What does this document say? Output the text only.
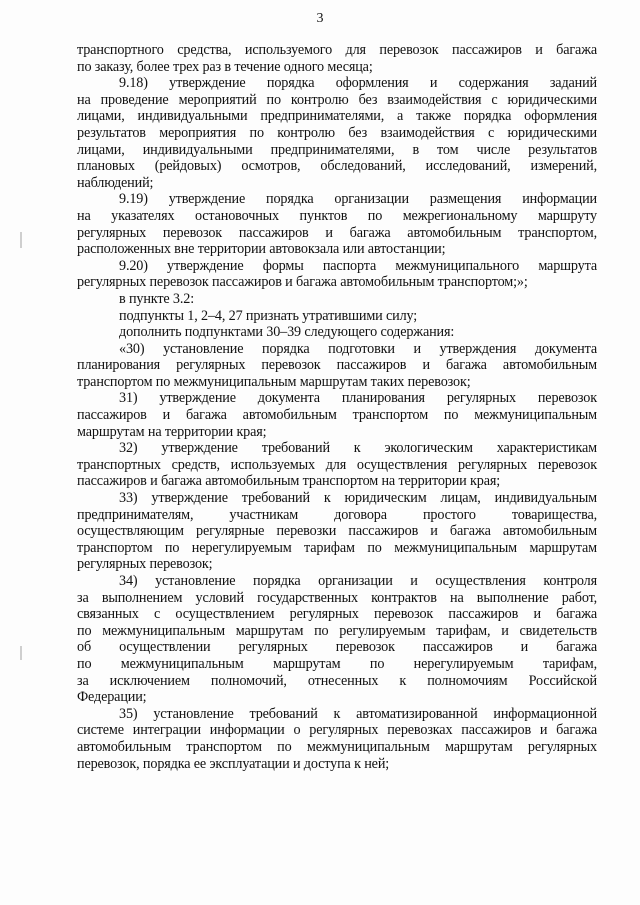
3
транспортного средства, используемого для перевозок пассажиров и багажа
по заказу, более трех раз в течение одного месяца;
9.18) утверждение порядка оформления и содержания заданий
на проведение мероприятий по контролю без взаимодействия с юридическими
лицами, индивидуальными предпринимателями, а также порядка оформления
результатов мероприятия по контролю без взаимодействия с юридическими
лицами, индивидуальными предпринимателями, в том числе результатов
плановых (рейдовых) осмотров, обследований, исследований, измерений,
наблюдений;
9.19) утверждение порядка организации размещения информации
на указателях остановочных пунктов по межрегиональному маршруту
регулярных перевозок пассажиров и багажа автомобильным транспортом,
расположенных вне территории автовокзала или автостанции;
9.20) утверждение формы паспорта межмуниципального маршрута
регулярных перевозок пассажиров и багажа автомобильным транспортом;»;
в пункте 3.2:
подпункты 1, 2–4, 27 признать утратившими силу;
дополнить подпунктами 30–39 следующего содержания:
«30) установление порядка подготовки и утверждения документа
планирования регулярных перевозок пассажиров и багажа автомобильным
транспортом по межмуниципальным маршрутам таких перевозок;
31) утверждение документа планирования регулярных перевозок
пассажиров и багажа автомобильным транспортом по межмуниципальным
маршрутам на территории края;
32) утверждение требований к экологическим характеристикам
транспортных средств, используемых для осуществления регулярных перевозок
пассажиров и багажа автомобильным транспортом на территории края;
33) утверждение требований к юридическим лицам, индивидуальным
предпринимателям, участникам договора простого товарищества,
осуществляющим регулярные перевозки пассажиров и багажа автомобильным
транспортом по нерегулируемым тарифам по межмуниципальным маршрутам
регулярных перевозок;
34) установление порядка организации и осуществления контроля
за выполнением условий государственных контрактов на выполнение работ,
связанных с осуществлением регулярных перевозок пассажиров и багажа
по межмуниципальным маршрутам по регулируемым тарифам, и свидетельств
об осуществлении регулярных перевозок пассажиров и багажа
по межмуниципальным маршрутам по нерегулируемым тарифам,
за исключением полномочий, отнесенных к полномочиям Российской
Федерации;
35) установление требований к автоматизированной информационной
системе интеграции информации о регулярных перевозках пассажиров и багажа
автомобильным транспортом по межмуниципальным маршрутам регулярных
перевозок, порядка ее эксплуатации и доступа к ней;
